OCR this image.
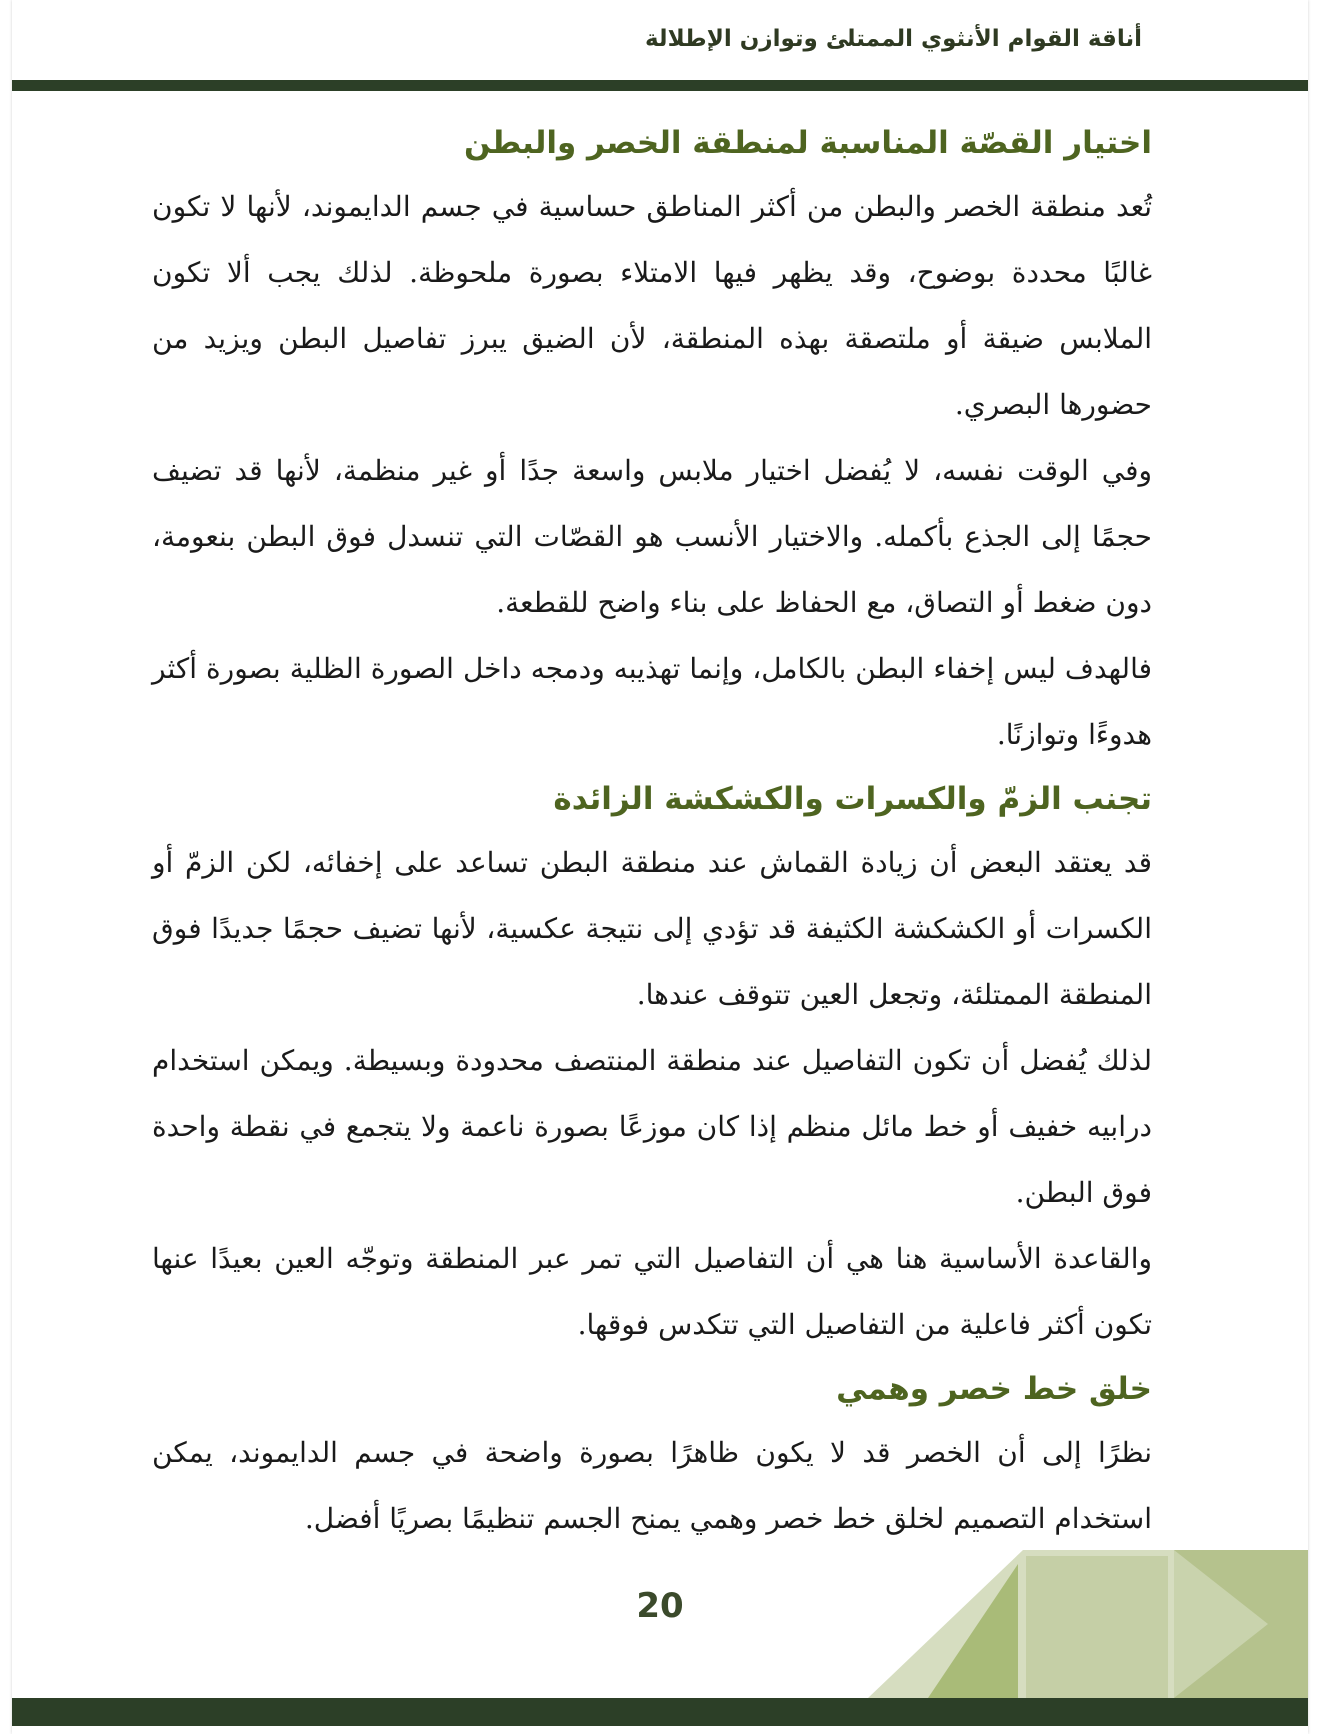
أناقة القوام الأنثوي الممتلئ وتوازن الإطلالة
اختيار القصّة المناسبة لمنطقة الخصر والبطن

تُعد منطقة الخصر والبطن من أكثر المناطق حساسية في جسم الدايموند، لأنها لا تكون غالبًا محددة بوضوح، وقد يظهر فيها الامتلاء بصورة ملحوظة. لذلك يجب ألا تكون الملابس ضيقة أو ملتصقة بهذه المنطقة، لأن الضيق يبرز تفاصيل البطن ويزيد من حضورها البصري.

وفي الوقت نفسه، لا يُفضل اختيار ملابس واسعة جدًا أو غير منظمة، لأنها قد تضيف حجمًا إلى الجذع بأكمله. والاختيار الأنسب هو القصّات التي تنسدل فوق البطن بنعومة، دون ضغط أو التصاق، مع الحفاظ على بناء واضح للقطعة.

فالهدف ليس إخفاء البطن بالكامل، وإنما تهذيبه ودمجه داخل الصورة الظلية بصورة أكثر هدوءًا وتوازنًا.

تجنب الزمّ والكسرات والكشكشة الزائدة

قد يعتقد البعض أن زيادة القماش عند منطقة البطن تساعد على إخفائه، لكن الزمّ أو الكسرات أو الكشكشة الكثيفة قد تؤدي إلى نتيجة عكسية، لأنها تضيف حجمًا جديدًا فوق المنطقة الممتلئة، وتجعل العين تتوقف عندها.

لذلك يُفضل أن تكون التفاصيل عند منطقة المنتصف محدودة وبسيطة. ويمكن استخدام درابيه خفيف أو خط مائل منظم إذا كان موزعًا بصورة ناعمة ولا يتجمع في نقطة واحدة فوق البطن.

والقاعدة الأساسية هنا هي أن التفاصيل التي تمر عبر المنطقة وتوجّه العين بعيدًا عنها تكون أكثر فاعلية من التفاصيل التي تتكدس فوقها.

خلق خط خصر وهمي

نظرًا إلى أن الخصر قد لا يكون ظاهرًا بصورة واضحة في جسم الدايموند، يمكن استخدام التصميم لخلق خط خصر وهمي يمنح الجسم تنظيمًا بصريًا أفضل.

20
